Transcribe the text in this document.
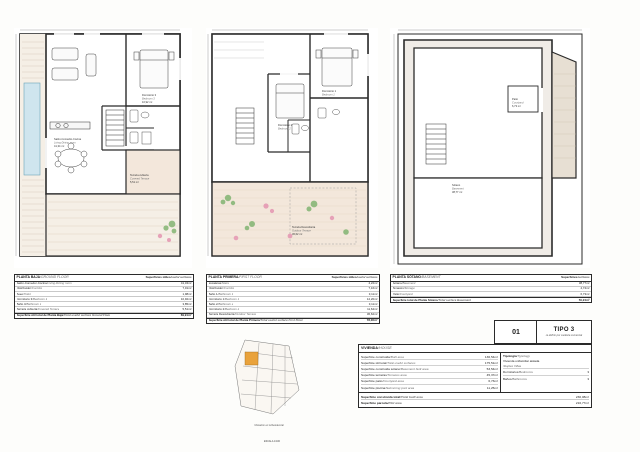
Salón-Comedor-Cocina
Living-Dining room
41,34 m²
Dormitorio 3
Bedroom 3
10,92 m²
Terraza cubierta
Covered Terrace
5,51 m²
Dormitorio 1
Bedroom 1
Dormitorio 2
Bedroom 2
Terraza Descubierta
Outdoor Terrace
36,62 m²
Patio
Courtyard
6,73 m²
Sótano
Basement
38,77 m²
PLANTA BAJA/GROUND FLOOR	Superficies útiles/useful surfaces
Salón-Comedor-Cocina/Living-Dining room	41,34m²
Distribuidor/Corridor	7,01m²
Aseo/Toilet	1,98m²
Dormitorio 3/Bedroom 3	10,92m²
Baño 3/Bathroom 3	3,85m²
Terraza cubierta/Covered Terrace	5,51m²
Superficie útil total de Planta Baja/Total useful surface Ground Floor	69,91m²
PLANTA PRIMERA/FIRST FLOOR	Superficies útiles/useful surfaces
Escaleras/Stairs	4,22m²
Distribuidor/Corridor	7,16m²
Baño 1/Bathroom 1	3,11m²
Dormitorio 1/Bedroom 1	12,20m²
Baño 2/Bathroom 2	3,11m²
Dormitorio 2/Bedroom 2	11,64m²
Terraza Descubierta/Outdoor Terrace	36,62m²
Superficie útil total de Planta Primera/Total useful surface First Floor	78,06m²
PLANTA SÓTANO/BASEMENT	Superficies/surfaces
Sótano/Basement	38,77m²
Almacén/Storage	4,74m²
Patio/Courtyard	6,73m²
Superficie total de Planta Sótano/Total surface Basement	50,24m²
Ubicación en la Residencial
ESCALA 1/100
01	TIPO 3
/a definir por carátula comercial
VIVIENDA/HOUSE
Superficie construida/Built area	136,54m²
Superficie útil total/Total useful surfaces	175,51m²
Superficie construida sótano/Basement built area	53,54m²
Superficie terrazas/Terraces area	45,37m²
Superficie patio/Courtyard area	6,73m²
Superficie piscina/Swimming pool area	11,25m²
Tipología/Typology
Vivienda unifamiliar aislada
/Duplex Villas
Dormitorios/Bedrooms	3
Baños/Bathrooms	3
Superficie construida total/Total built area	230,08m²
Superficie parcela/Plot area	216,77m²
